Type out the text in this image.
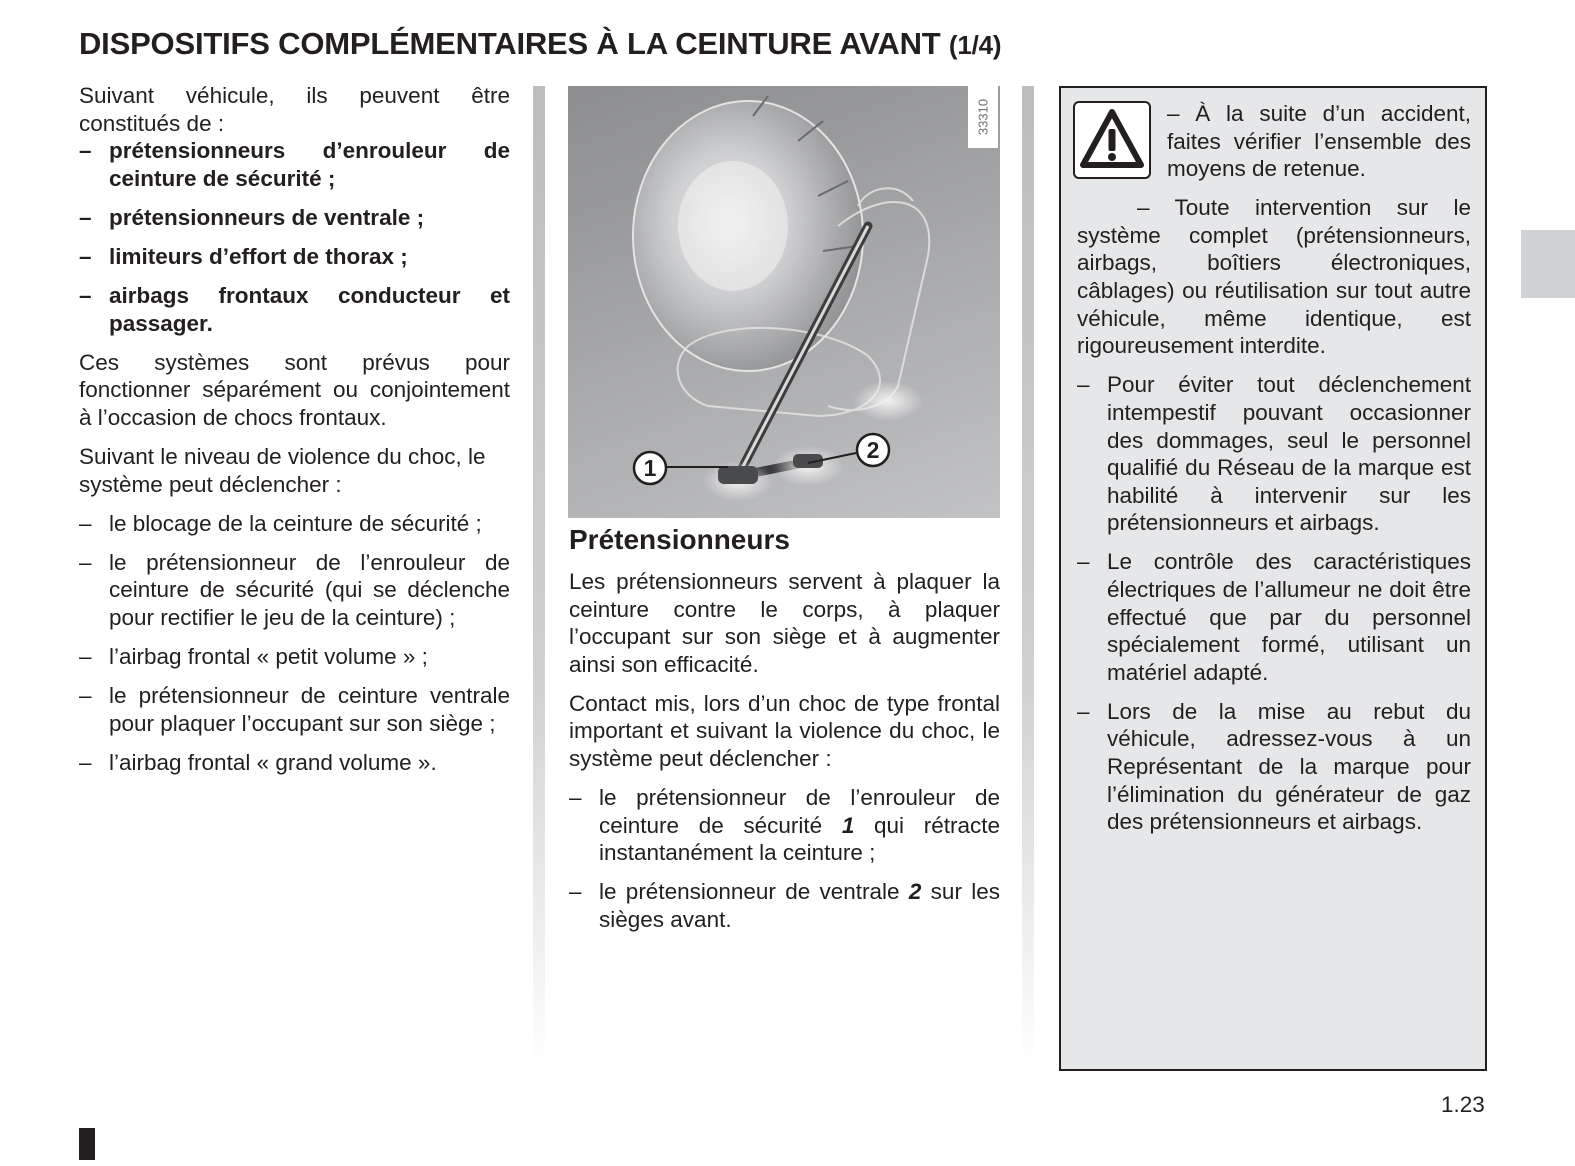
DISPOSITIFS COMPLÉMENTAIRES À LA CEINTURE AVANT (1/4)

Suivant véhicule, ils peuvent être constitués de :

– prétensionneurs d’enrouleur de ceinture de sécurité ;
– prétensionneurs de ventrale ;
– limiteurs d’effort de thorax ;
– airbags frontaux conducteur et passager.

Ces systèmes sont prévus pour fonctionner séparément ou conjointement à l’occasion de chocs frontaux.

Suivant le niveau de violence du choc, le système peut déclencher :

– le blocage de la ceinture de sécurité ;
– le prétensionneur de l’enrouleur de ceinture de sécurité (qui se déclenche pour rectifier le jeu de la ceinture) ;
– l’airbag frontal « petit volume » ;
– le prétensionneur de ceinture ventrale pour plaquer l’occupant sur son siège ;
– l’airbag frontal « grand volume ».
1
2
33310
Prétensionneurs

Les prétensionneurs servent à plaquer la ceinture contre le corps, à plaquer l’occupant sur son siège et à augmenter ainsi son efficacité.

Contact mis, lors d’un choc de type frontal important et suivant la violence du choc, le système peut déclencher :

– le prétensionneur de l’enrouleur de ceinture de sécurité 1 qui rétracte instantanément la ceinture ;
– le prétensionneur de ventrale 2 sur les sièges avant.

– À la suite d’un accident, faites vérifier l’ensemble des moyens de retenue.

– Toute intervention sur le système complet (prétensionneurs, airbags, boîtiers électroniques, câblages) ou réutilisation sur tout autre véhicule, même identique, est rigoureusement interdite.

– Pour éviter tout déclenchement intempestif pouvant occasionner des dommages, seul le personnel qualifié du Réseau de la marque est habilité à intervenir sur les prétensionneurs et airbags.
– Le contrôle des caractéristiques électriques de l’allumeur ne doit être effectué que par du personnel spécialement formé, utilisant un matériel adapté.
– Lors de la mise au rebut du véhicule, adressez-vous à un Représentant de la marque pour l’élimination du générateur de gaz des prétensionneurs et airbags.
1.23
